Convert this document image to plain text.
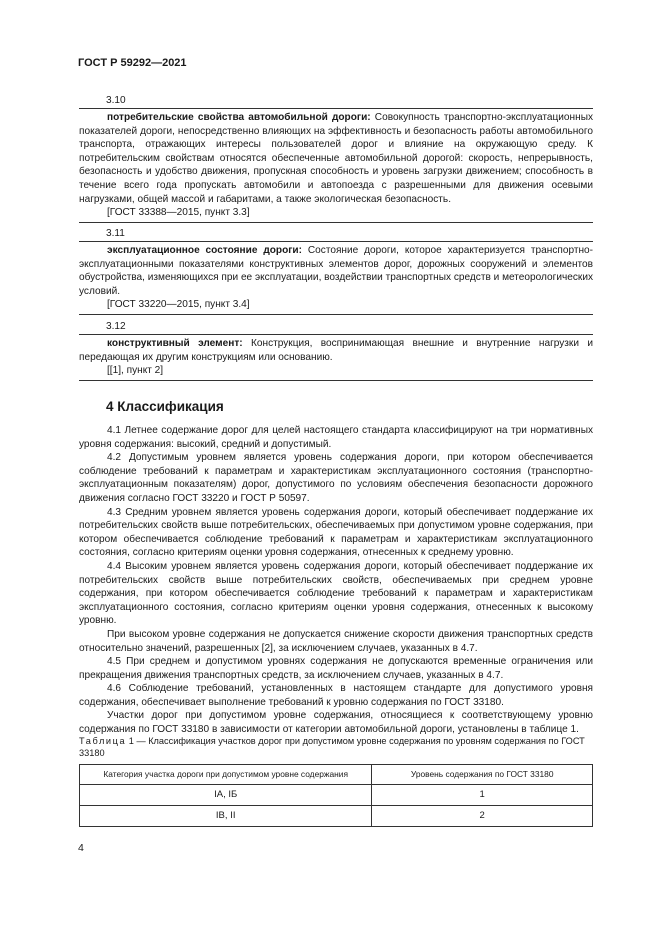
ГОСТ Р 59292—2021
3.10

потребительские свойства автомобильной дороги: Совокупность транспортно-эксплуатационных показателей дороги, непосредственно влияющих на эффективность и безопасность работы автомобильного транспорта, отражающих интересы пользователей дорог и влияние на окружающую среду. К потребительским свойствам относятся обеспеченные автомобильной дорогой: скорость, непрерывность, безопасность и удобство движения, пропускная способность и уровень загрузки движением; способность в течение всего года пропускать автомобили и автопоезда с разрешенными для движения осевыми нагрузками, общей массой и габаритами, а также экологическая безопасность.

[ГОСТ 33388—2015, пункт 3.3]

3.11

эксплуатационное состояние дороги: Состояние дороги, которое характеризуется транспортно-эксплуатационными показателями конструктивных элементов дорог, дорожных сооружений и элементов обустройства, изменяющихся при ее эксплуатации, воздействии транспортных средств и метеорологических условий.

[ГОСТ 33220—2015, пункт 3.4]

3.12

конструктивный элемент: Конструкция, воспринимающая внешние и внутренние нагрузки и передающая их другим конструкциям или основанию.

[[1], пункт 2]

4 Классификация

4.1 Летнее содержание дорог для целей настоящего стандарта классифицируют на три нормативных уровня содержания: высокий, средний и допустимый.

4.2 Допустимым уровнем является уровень содержания дороги, при котором обеспечивается соблюдение требований к параметрам и характеристикам эксплуатационного состояния (транспортно-эксплуатационным показателям) дорог, допустимого по условиям обеспечения безопасности дорожного движения согласно ГОСТ 33220 и ГОСТ Р 50597.

4.3 Средним уровнем является уровень содержания дороги, который обеспечивает поддержание их потребительских свойств выше потребительских, обеспечиваемых при допустимом уровне содержания, при котором обеспечивается соблюдение требований к параметрам и характеристикам эксплуатационного состояния, согласно критериям оценки уровня содержания, отнесенных к среднему уровню.

4.4 Высоким уровнем является уровень содержания дороги, который обеспечивает поддержание их потребительских свойств выше потребительских свойств, обеспечиваемых при среднем уровне содержания, при котором обеспечивается соблюдение требований к параметрам и характеристикам эксплуатационного состояния, согласно критериям оценки уровня содержания, отнесенных к высокому уровню.

При высоком уровне содержания не допускается снижение скорости движения транспортных средств относительно значений, разрешенных [2], за исключением случаев, указанных в 4.7.

4.5 При среднем и допустимом уровнях содержания не допускаются временные ограничения или прекращения движения транспортных средств, за исключением случаев, указанных в 4.7.

4.6 Соблюдение требований, установленных в настоящем стандарте для допустимого уровня содержания, обеспечивает выполнение требований к уровню содержания по ГОСТ 33180.

Участки дорог при допустимом уровне содержания, относящиеся к соответствующему уровню содержания по ГОСТ 33180 в зависимости от категории автомобильной дороги, установлены в таблице 1.

Таблица 1 — Классификация участков дорог при допустимом уровне содержания по уровням содержания по ГОСТ 33180
Категория участка дороги при допустимом уровне содержания	Уровень содержания по ГОСТ 33180
IА, IБ	1
IВ, II	2
4
